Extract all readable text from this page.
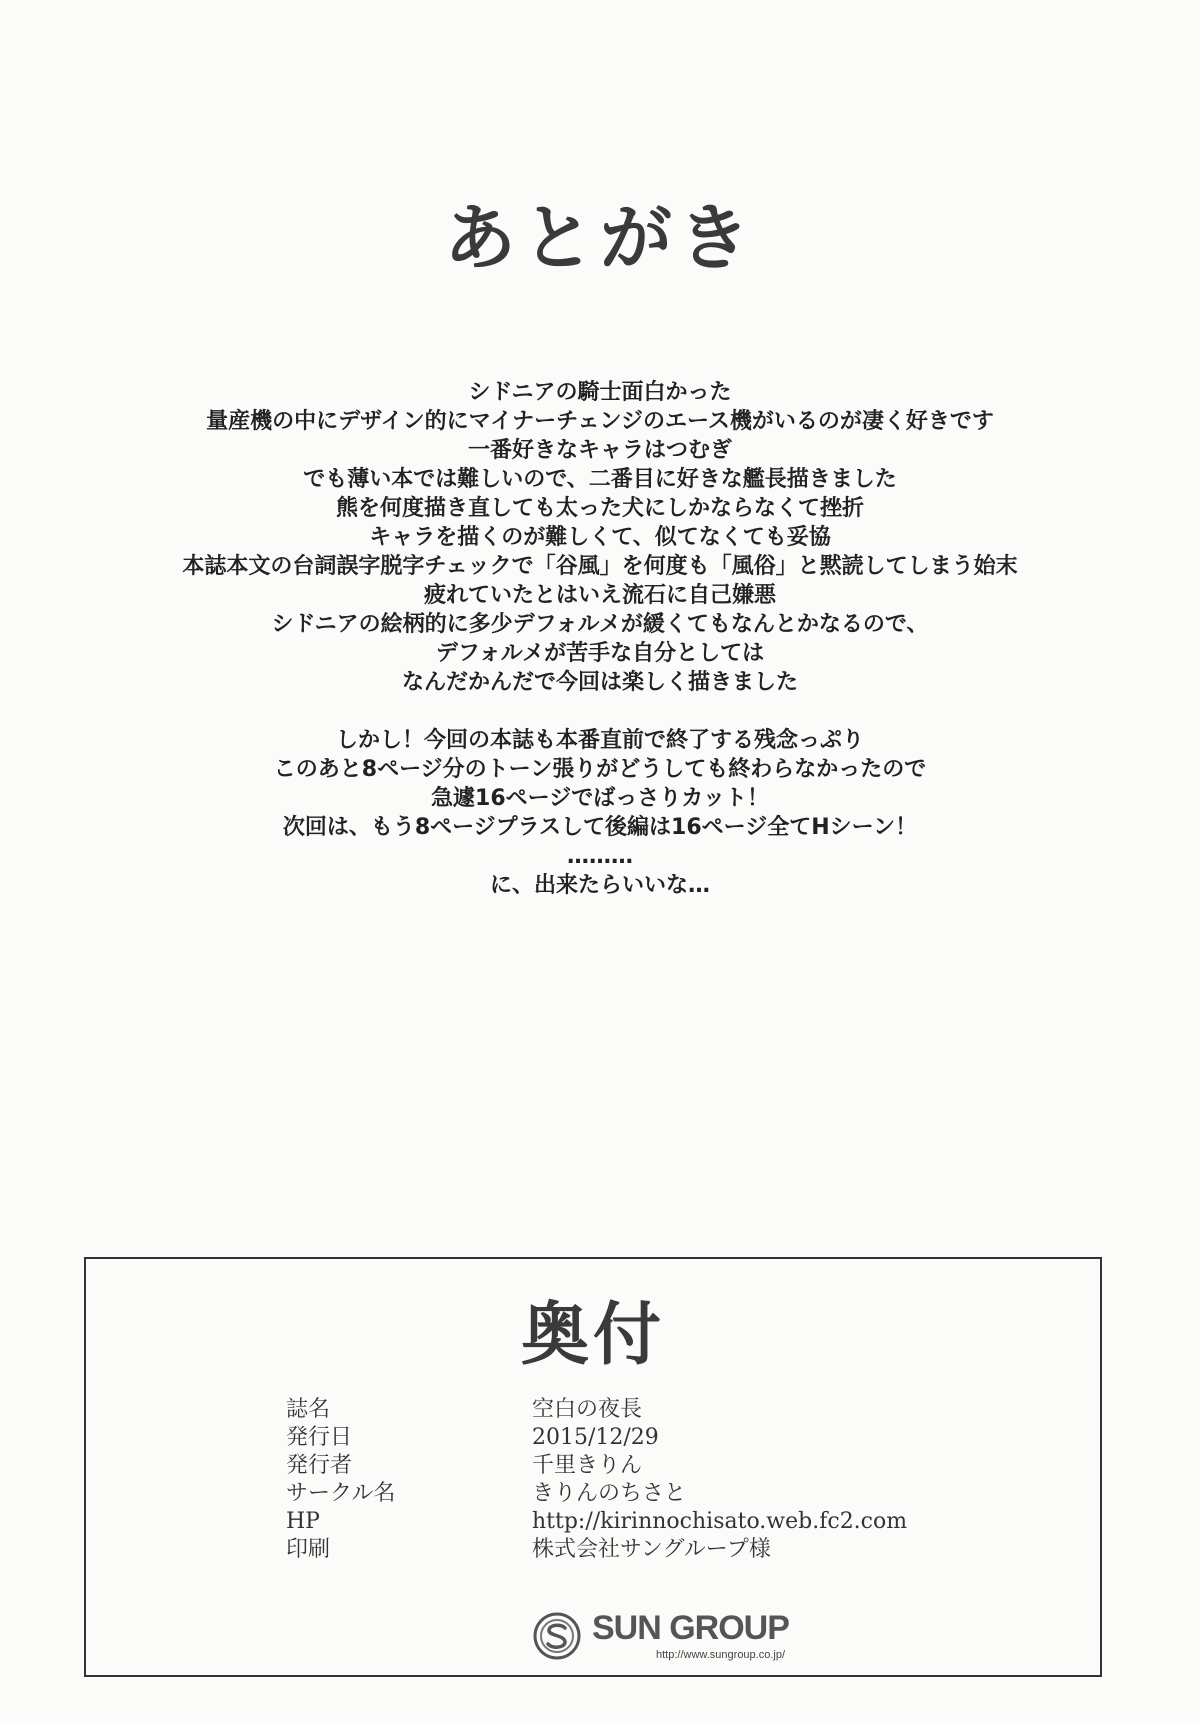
あとがき
シドニアの騎士面白かった
量産機の中にデザイン的にマイナーチェンジのエース機がいるのが凄く好きです
一番好きなキャラはつむぎ
でも薄い本では難しいので、二番目に好きな艦長描きました
熊を何度描き直しても太った犬にしかならなくて挫折
キャラを描くのが難しくて、似てなくても妥協
本誌本文の台詞誤字脱字チェックで「谷風」を何度も「風俗」と黙読してしまう始末
疲れていたとはいえ流石に自己嫌悪
シドニアの絵柄的に多少デフォルメが緩くてもなんとかなるので、
デフォルメが苦手な自分としては
なんだかんだで今回は楽しく描きました
しかし！今回の本誌も本番直前で終了する残念っぷり
このあと8ページ分のトーン張りがどうしても終わらなかったので
急遽16ページでばっさりカット！
次回は、もう8ページプラスして後編は16ページ全てHシーン！
………
に、出来たらいいな…
奥付
誌名	空白の夜長
発行日	2015/12/29
発行者	千里きりん
サークル名	きりんのちさと
HP	http://kirinnochisato.web.fc2.com
印刷	株式会社サングループ様
SUN GROUP
http://www.sungroup.co.jp/
